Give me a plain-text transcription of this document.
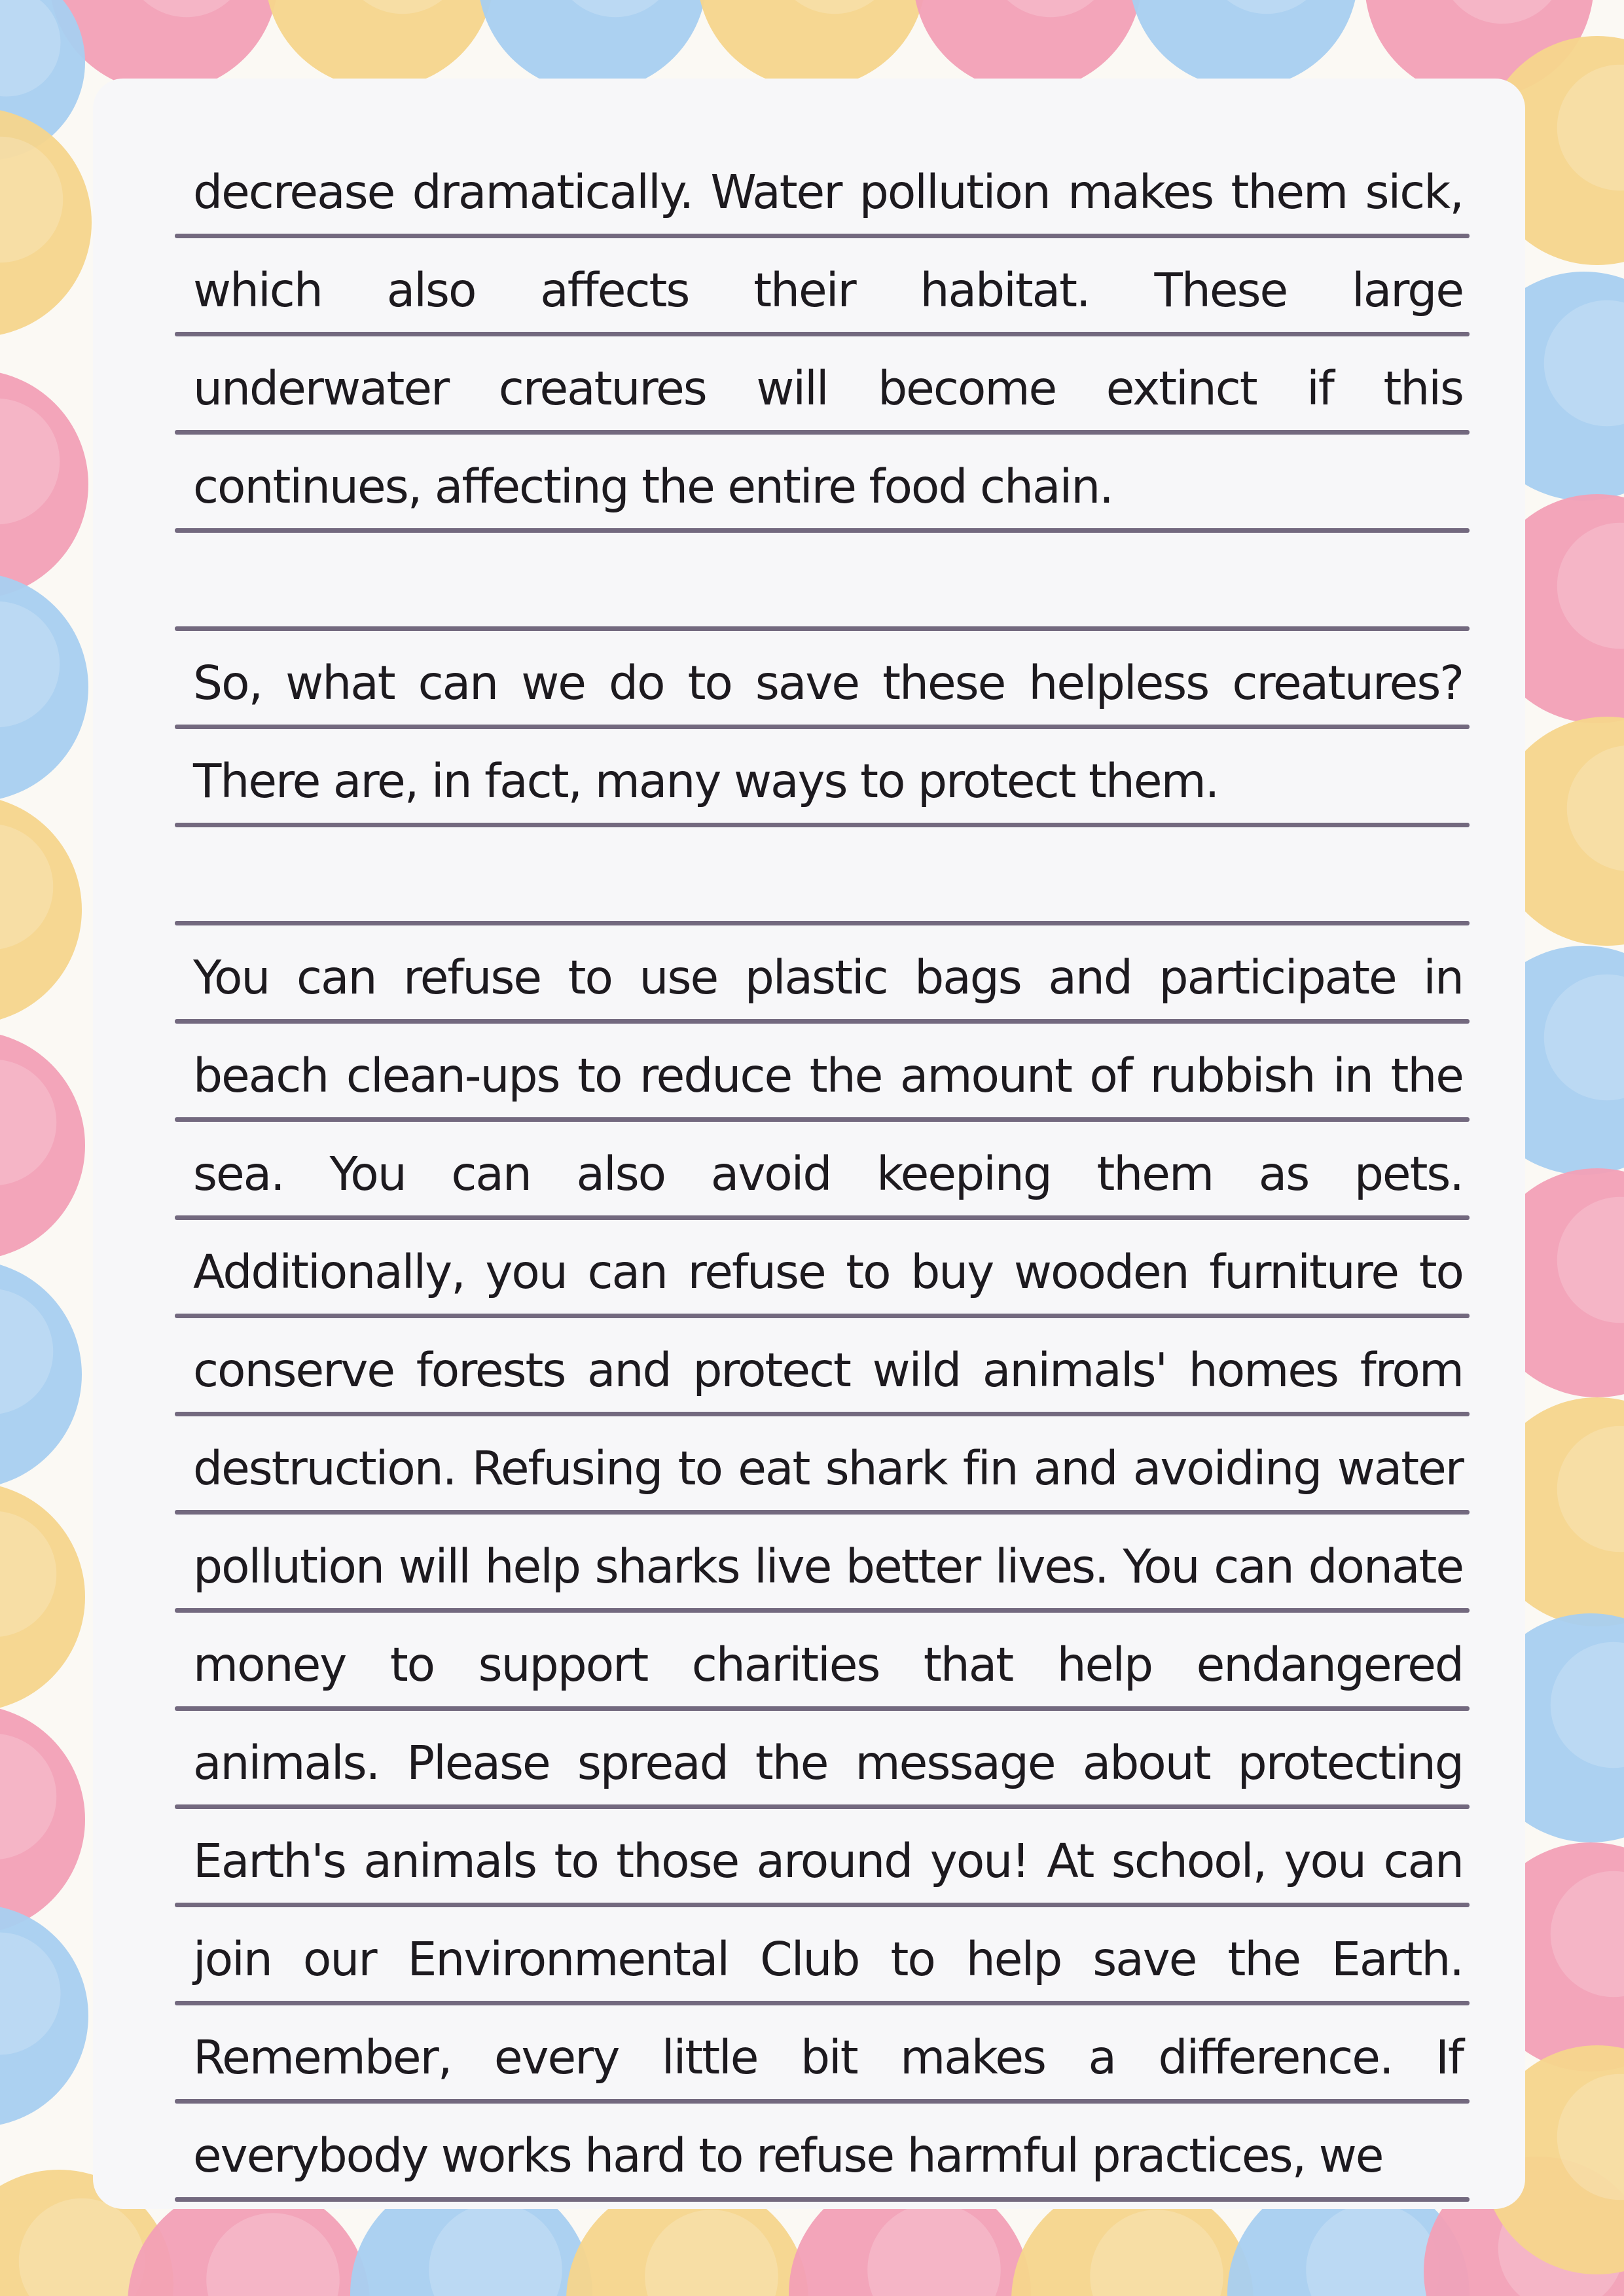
decrease dramatically. Water pollution makes them sick,
which also affects their habitat. These large
underwater creatures will become extinct if this
continues, affecting the entire food chain.
So, what can we do to save these helpless creatures?
There are, in fact, many ways to protect them.
You can refuse to use plastic bags and participate in
beach clean-ups to reduce the amount of rubbish in the
sea. You can also avoid keeping them as pets.
Additionally, you can refuse to buy wooden furniture to
conserve forests and protect wild animals' homes from
destruction. Refusing to eat shark fin and avoiding water
pollution will help sharks live better lives. You can donate
money to support charities that help endangered
animals. Please spread the message about protecting
Earth's animals to those around you! At school, you can
join our Environmental Club to help save the Earth.
Remember, every little bit makes a difference. If
everybody works hard to refuse harmful practices, we
